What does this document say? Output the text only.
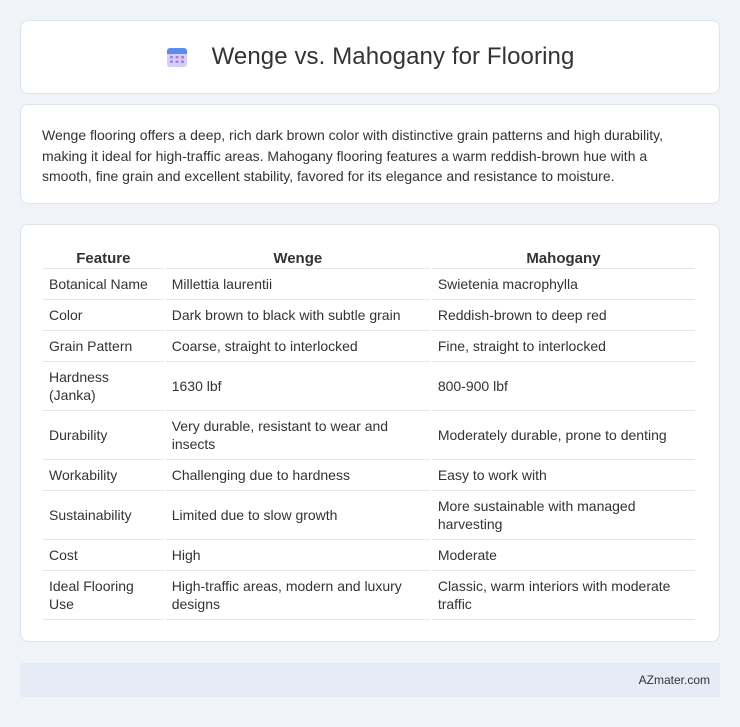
Wenge vs. Mahogany for Flooring

Wenge flooring offers a deep, rich dark brown color with distinctive grain patterns and high durability, making it ideal for high-traffic areas. Mahogany flooring features a warm reddish-brown hue with a smooth, fine grain and excellent stability, favored for its elegance and resistance to moisture.

Feature	Wenge	Mahogany
Botanical Name	Millettia laurentii	Swietenia macrophylla
Color	Dark brown to black with subtle grain	Reddish-brown to deep red
Grain Pattern	Coarse, straight to interlocked	Fine, straight to interlocked
Hardness (Janka)	1630 lbf	800-900 lbf
Durability	Very durable, resistant to wear and insects	Moderately durable, prone to denting
Workability	Challenging due to hardness	Easy to work with
Sustainability	Limited due to slow growth	More sustainable with managed harvesting
Cost	High	Moderate
Ideal Flooring Use	High-traffic areas, modern and luxury designs	Classic, warm interiors with moderate traffic
AZmater.com
